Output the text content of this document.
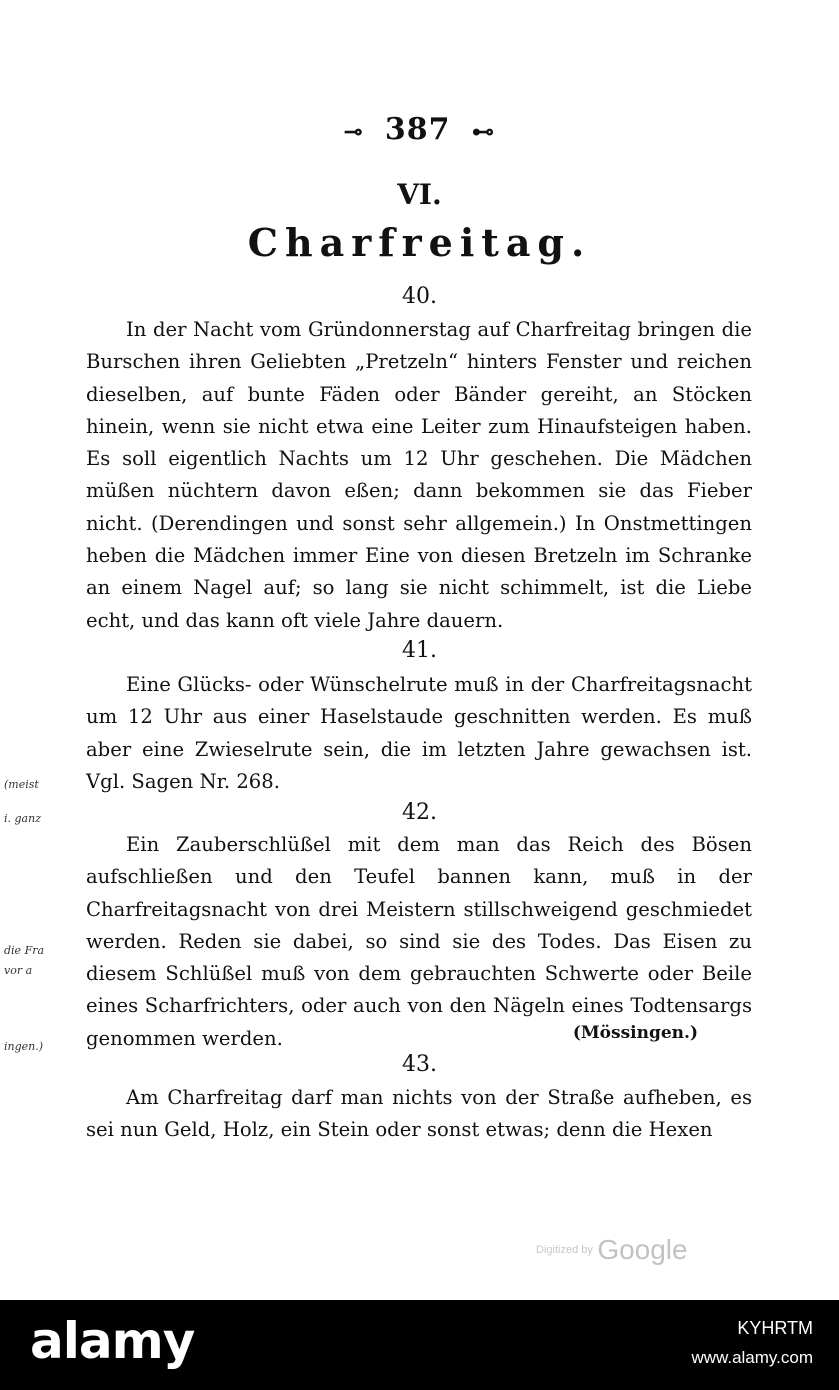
⊸ 387 ⊷
VI.
Charfreitag.
40.

In der Nacht vom Gründonnerstag auf Charfreitag bringen die Burschen ihren Geliebten „Pretzeln“ hinters Fenster und reichen dieselben, auf bunte Fäden oder Bänder gereiht, an Stöcken hinein, wenn sie nicht etwa eine Leiter zum Hinaufsteigen haben. Es soll eigentlich Nachts um 12 Uhr geschehen. Die Mädchen müßen nüchtern davon eßen; dann bekommen sie das Fieber nicht. (Derendingen und sonst sehr allgemein.) In Onstmettingen heben die Mädchen immer Eine von diesen Bretzeln im Schranke an einem Nagel auf; so lang sie nicht schimmelt, ist die Liebe echt, und das kann oft viele Jahre dauern.

41.

Eine Glücks- oder Wünschelrute muß in der Charfreitagsnacht um 12 Uhr aus einer Haselstaude geschnitten werden. Es muß aber eine Zwieselrute sein, die im letzten Jahre gewachsen ist. Vgl. Sagen Nr. 268.

42.

Ein Zauberschlüßel mit dem man das Reich des Bösen aufschließen und den Teufel bannen kann, muß in der Charfreitagsnacht von drei Meistern stillschweigend geschmiedet werden. Reden sie dabei, so sind sie des Todes. Das Eisen zu diesem Schlüßel muß von dem gebrauchten Schwerte oder Beile eines Scharfrichters, oder auch von den Nägeln eines Todtensargs genommen werden.	(Mössingen.)
43.

Am Charfreitag darf man nichts von der Straße aufheben, es sei nun Geld, Holz, ein Stein oder sonst etwas; denn die Hexen

(meist
i. ganz
die Fra
vor a
ingen.)
Digitized by Google
alamy	KYHRTM
www.alamy.com
